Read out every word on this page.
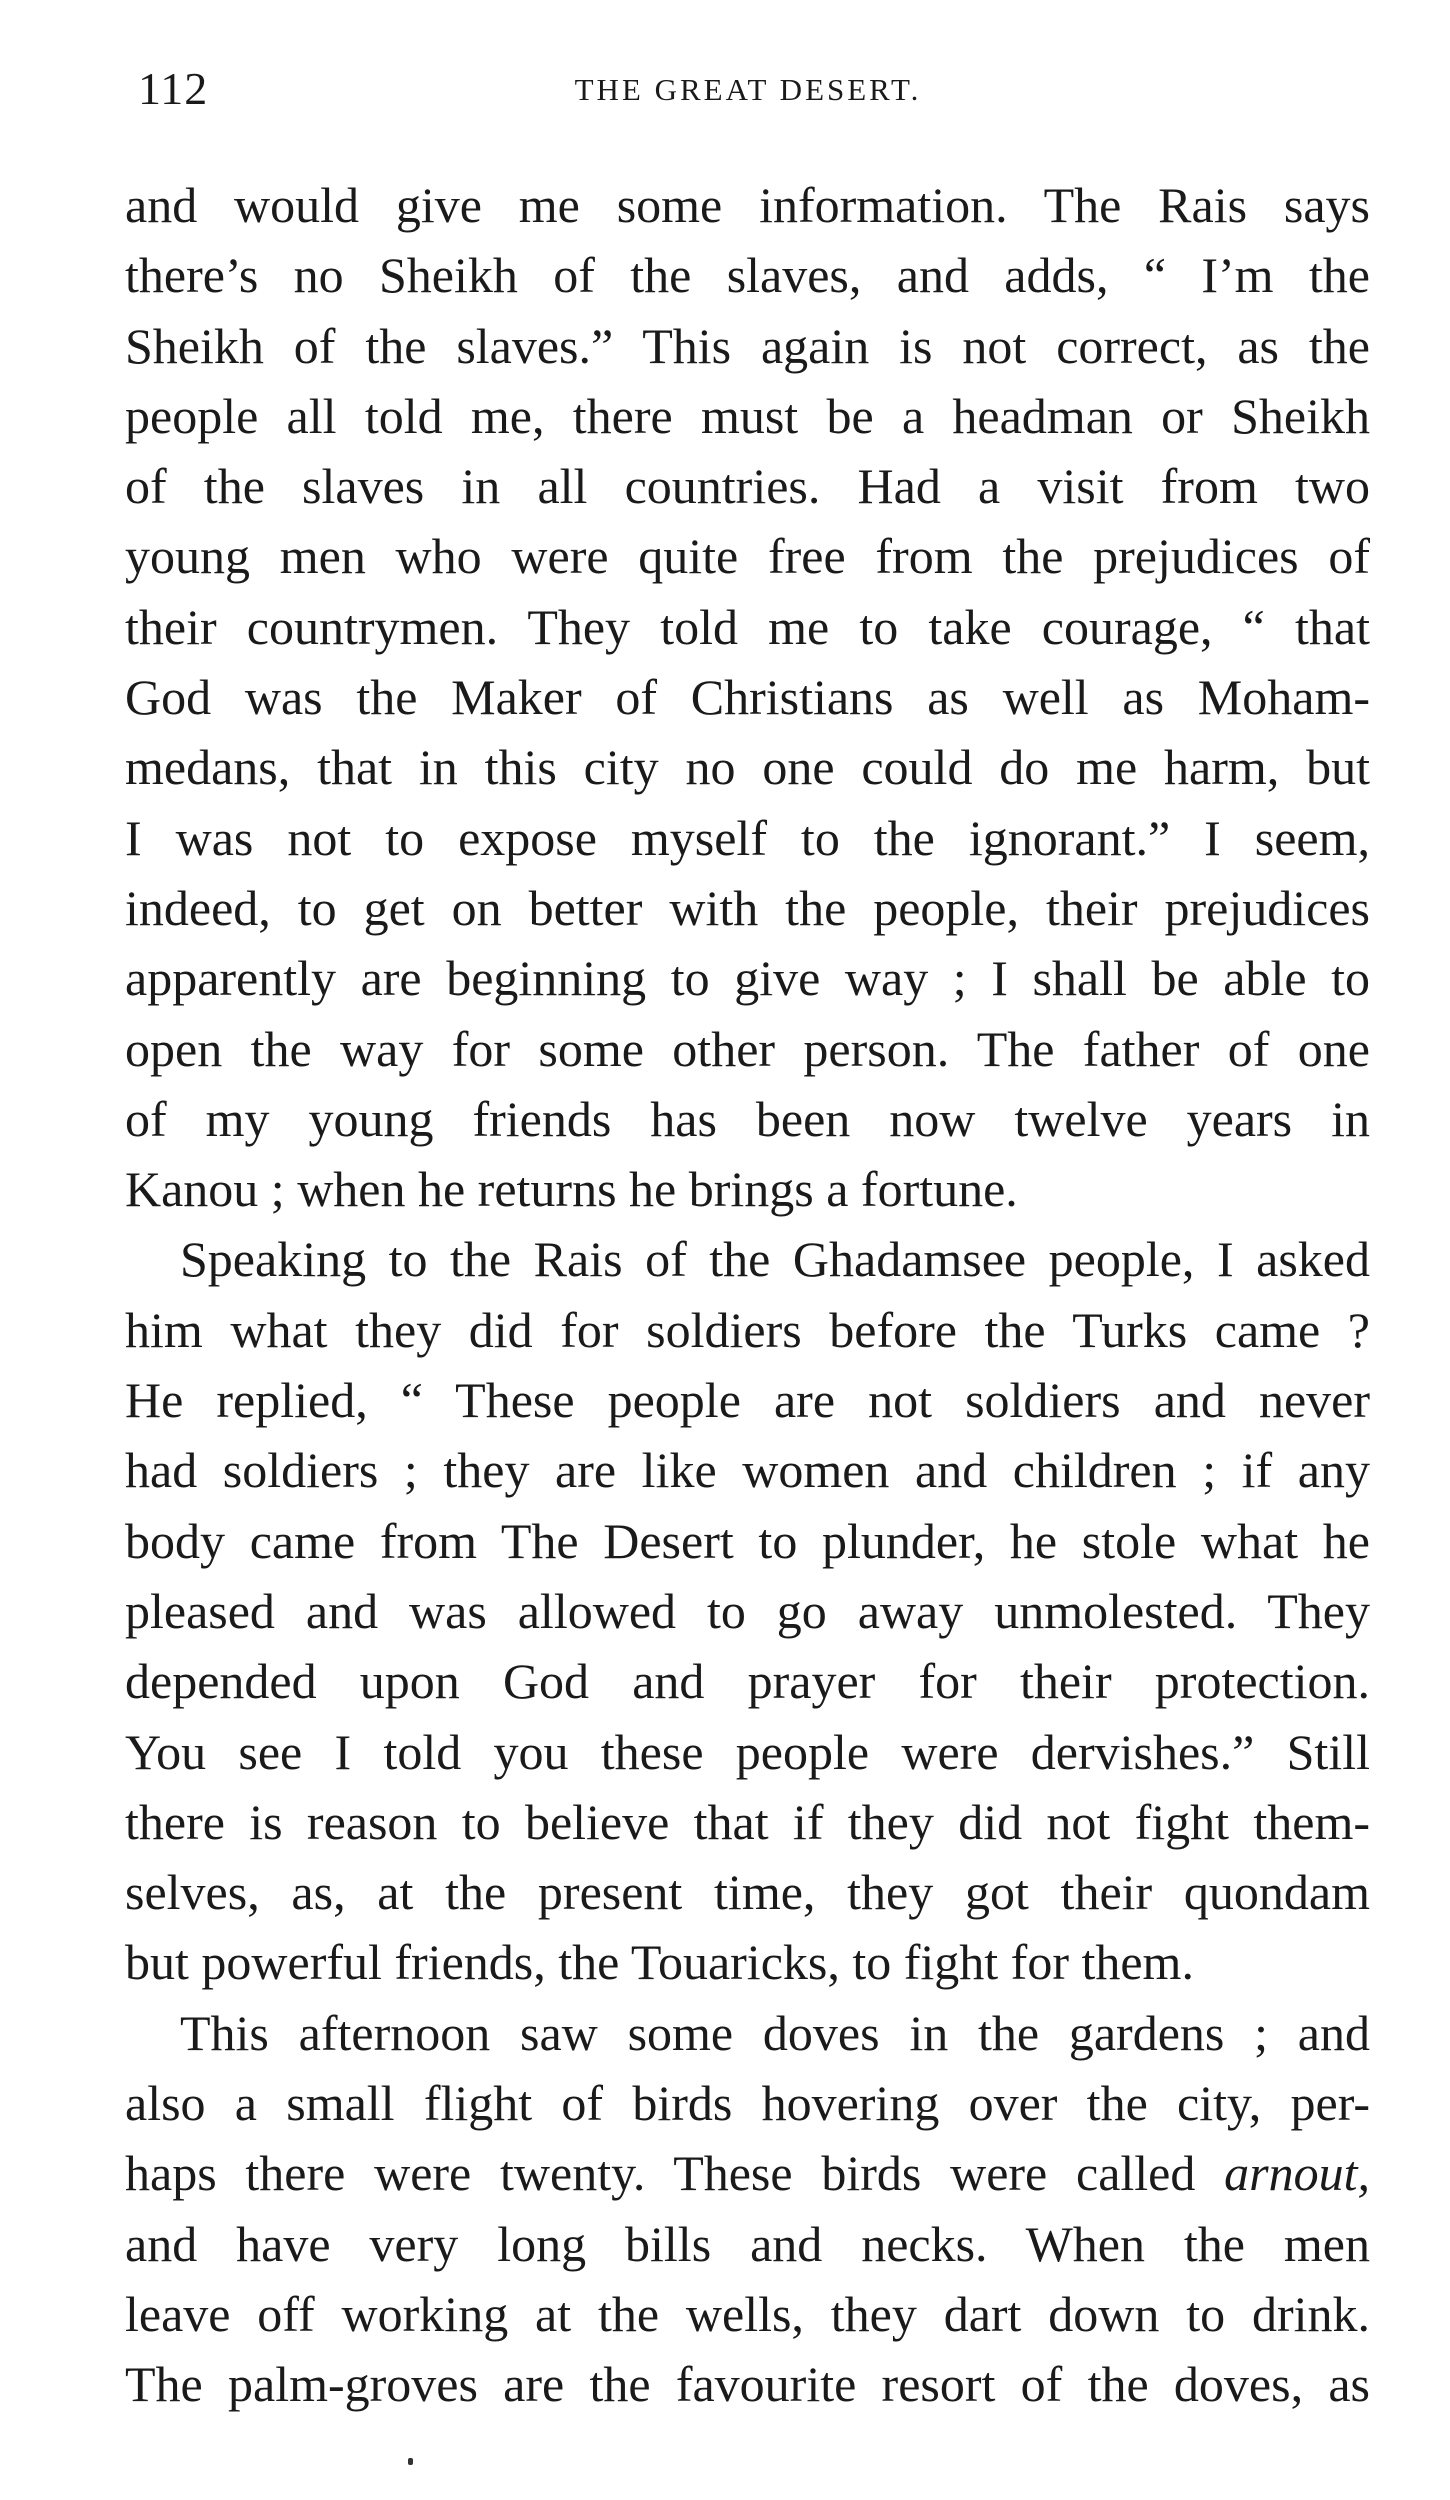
112	THE GREAT DESERT.

and would give me some information. The Rais says
there’s no Sheikh of the slaves, and adds, “ I’m the
Sheikh of the slaves.” This again is not correct, as the
people all told me, there must be a headman or Sheikh
of the slaves in all countries. Had a visit from two
young men who were quite free from the prejudices of
their countrymen. They told me to take courage, “ that
God was the Maker of Christians as well as Moham-
medans, that in this city no one could do me harm, but
I was not to expose myself to the ignorant.” I seem,
indeed, to get on better with the people, their prejudices
apparently are beginning to give way ; I shall be able to
open the way for some other person. The father of one
of my young friends has been now twelve years in
Kanou ; when he returns he brings a fortune.

Speaking to the Rais of the Ghadamsee people, I asked
him what they did for soldiers before the Turks came ?
He replied, “ These people are not soldiers and never
had soldiers ; they are like women and children ; if any
body came from The Desert to plunder, he stole what he
pleased and was allowed to go away unmolested. They
depended upon God and prayer for their protection.
You see I told you these people were dervishes.” Still
there is reason to believe that if they did not fight them-
selves, as, at the present time, they got their quondam
but powerful friends, the Touaricks, to fight for them.

This afternoon saw some doves in the gardens ; and
also a small flight of birds hovering over the city, per-
haps there were twenty. These birds were called arnout,
and have very long bills and necks. When the men
leave off working at the wells, they dart down to drink.
The palm-groves are the favourite resort of the doves, as
